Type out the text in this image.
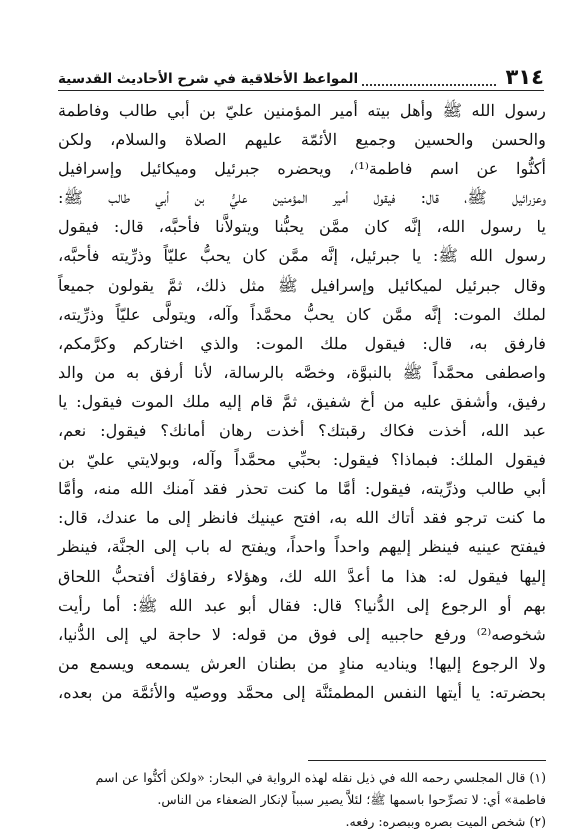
٣١٤
المواعظ الأخلاقية في شرح الأحاديث القدسية
رسول الله ﷺ وأهل بيته أمير المؤمنين عليّ بن أبي طالب وفاطمة
والحسن والحسين وجميع الأئمّة عليهم الصلاة والسلام، ولكن
أكنُّوا عن اسم فاطمة⁽¹⁾، ويحضره جبرئيل وميكائيل وإسرافيل
وعزرائيل ﷺ، قال: فيقول أمير المؤمنين عليُّ بن أبي طالب ﷺ:
يا رسول الله، إنَّه كان ممَّن يحبُّنا ويتولاَّنا فأحبَّه، قال: فيقول
رسول الله ﷺ: يا جبرئيل، إنَّه ممَّن كان يحبُّ عليّاً وذرِّيته فأحبَّه،
وقال جبرئيل لميكائيل وإسرافيل ﷺ مثل ذلك، ثمَّ يقولون جميعاً
لملك الموت: إنَّه ممَّن كان يحبُّ محمَّداً وآله، ويتولَّى عليّاً وذرِّيته،
فارفق به، قال: فيقول ملك الموت: والذي اختاركم وكرَّمكم،
واصطفى محمَّداً ﷺ بالنبوَّة، وخصَّه بالرسالة، لأنا أرفق به من والد
رفيق، وأشفق عليه من أخ شفيق، ثمَّ قام إليه ملك الموت فيقول: يا
عبد الله، أخذت فكاك رقبتك؟ أخذت رهان أمانك؟ فيقول: نعم،
فيقول الملك: فبماذا؟ فيقول: بحبِّي محمَّداً وآله، وبولايتي عليّ بن
أبي طالب وذرِّيته، فيقول: أمَّا ما كنت تحذر فقد آمنك الله منه، وأمَّا
ما كنت ترجو فقد أتاك الله به، افتح عينيك فانظر إلى ما عندك، قال:
فيفتح عينيه فينظر إليهم واحداً واحداً، ويفتح له باب إلى الجنَّة، فينظر
إليها فيقول له: هذا ما أعدَّ الله لك، وهؤلاء رفقاؤك أفتحبُّ اللحاق
بهم أو الرجوع إلى الدُّنيا؟ قال: فقال أبو عبد الله ﷺ: أما رأيت
شخوصه⁽²⁾ ورفع حاجبيه إلى فوق من قوله: لا حاجة لي إلى الدُّنيا،
ولا الرجوع إليها! ويناديه منادٍ من بطنان العرش يسمعه ويسمع من
بحضرته: يا أيتها النفس المطمئنَّة إلى محمَّد ووصيّه والأئمَّة من بعده،
(١) قال المجلسي رحمه الله في ذيل نقله لهذه الرواية في البحار: «ولكن أكنُّوا عن اسم
فاطمة» أي: لا تصرِّحوا باسمها ﷺ؛ لئلاَّ يصير سبباً لإنكار الضعفاء من الناس.
(٢) شخص الميت بصره وببصره: رفعه.
